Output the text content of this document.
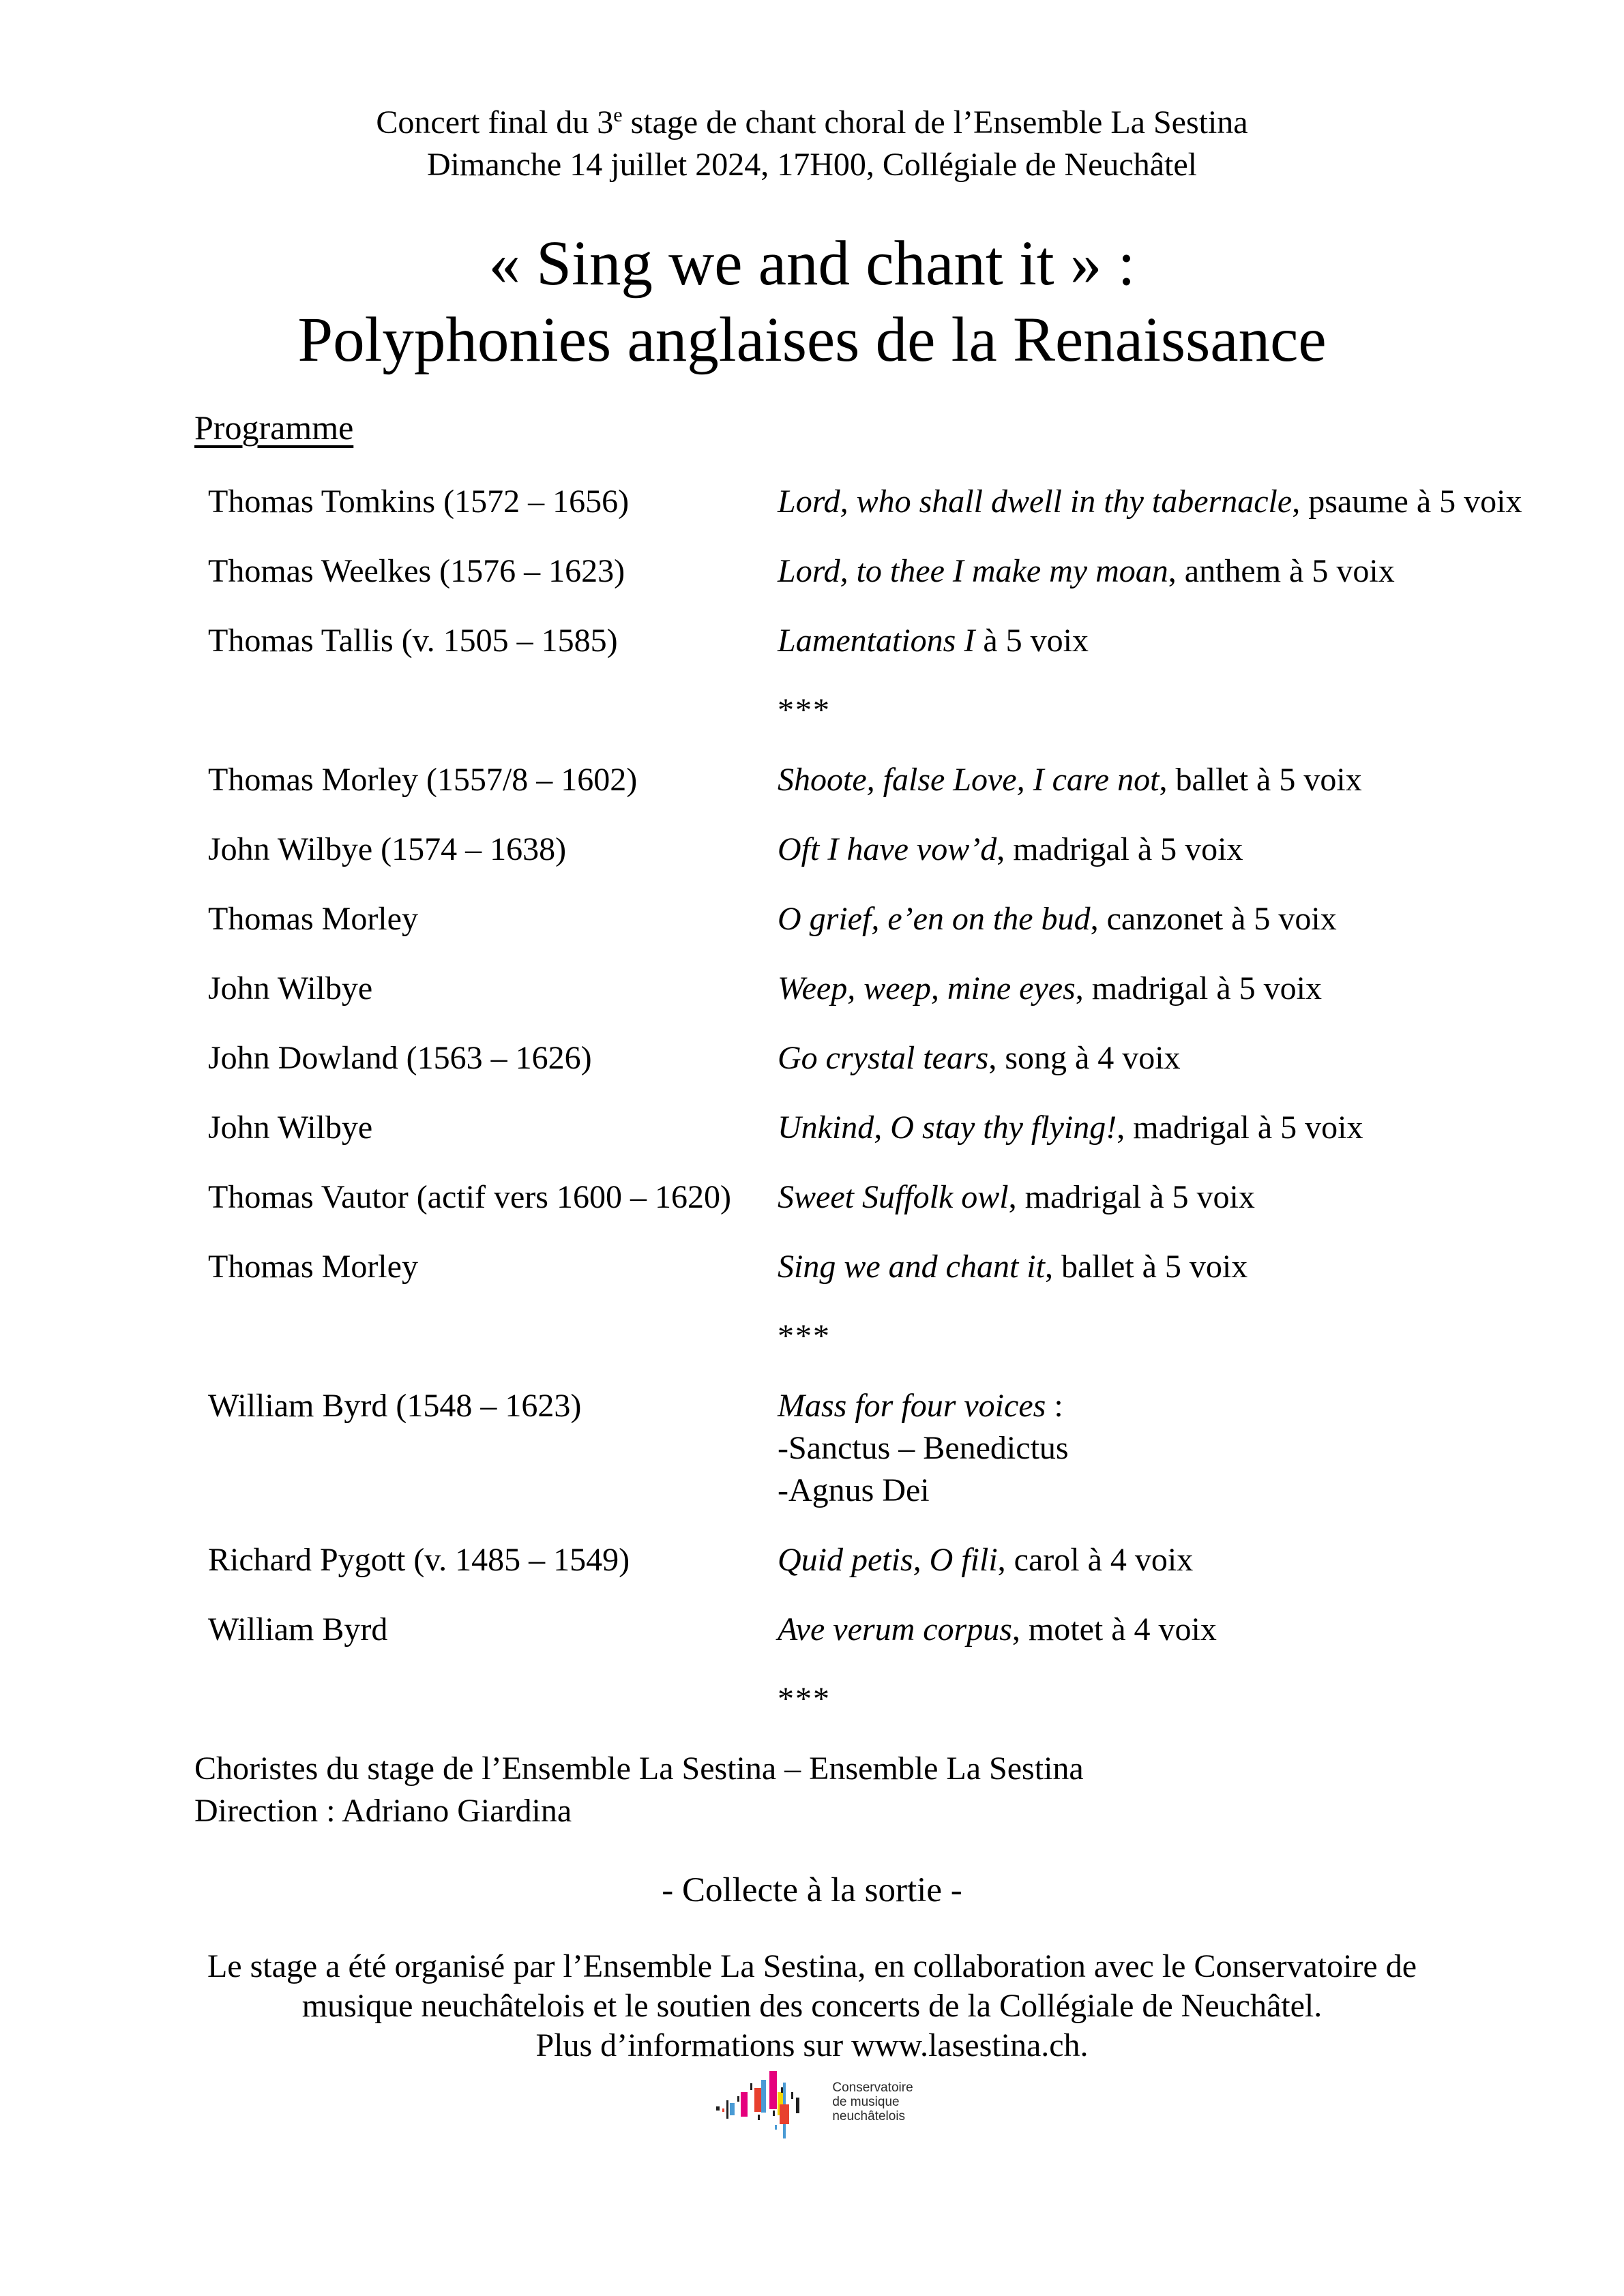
Concert final du 3e stage de chant choral de l’Ensemble La Sestina
Dimanche 14 juillet 2024, 17H00, Collégiale de Neuchâtel
« Sing we and chant it » :
Polyphonies anglaises de la Renaissance
Programme
Thomas Tomkins (1572 – 1656)	Lord, who shall dwell in thy tabernacle, psaume à 5 voix
Thomas Weelkes (1576 – 1623)	Lord, to thee I make my moan, anthem à 5 voix
Thomas Tallis (v. 1505 – 1585)	Lamentations I à 5 voix
***
Thomas Morley (1557/8 – 1602)	Shoote, false Love, I care not, ballet à 5 voix
John Wilbye (1574 – 1638)	Oft I have vow’d, madrigal à 5 voix
Thomas Morley	O grief, e’en on the bud, canzonet à 5 voix
John Wilbye	Weep, weep, mine eyes, madrigal à 5 voix
John Dowland (1563 – 1626)	Go crystal tears, song à 4 voix
John Wilbye	Unkind, O stay thy flying!, madrigal à 5 voix
Thomas Vautor (actif vers 1600 – 1620)	Sweet Suffolk owl, madrigal à 5 voix
Thomas Morley	Sing we and chant it, ballet à 5 voix
***
William Byrd (1548 – 1623)	Mass for four voices :
-Sanctus – Benedictus
-Agnus Dei
Richard Pygott (v. 1485 – 1549)	Quid petis, O fili, carol à 4 voix
William Byrd	Ave verum corpus, motet à 4 voix
***
Choristes du stage de l’Ensemble La Sestina – Ensemble La Sestina
Direction : Adriano Giardina
- Collecte à la sortie -
Le stage a été organisé par l’Ensemble La Sestina, en collaboration avec le Conservatoire de
musique neuchâtelois et le soutien des concerts de la Collégiale de Neuchâtel.
Plus d’informations sur www.lasestina.ch.
Conservatoire
de musique
neuchâtelois
